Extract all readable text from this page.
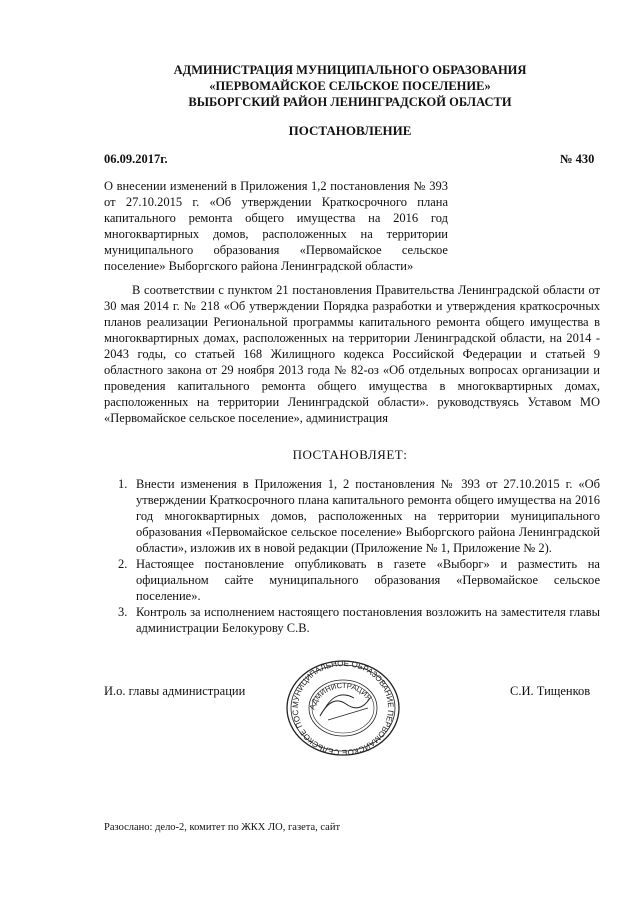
АДМИНИСТРАЦИЯ МУНИЦИПАЛЬНОГО ОБРАЗОВАНИЯ
«ПЕРВОМАЙСКОЕ СЕЛЬСКОЕ ПОСЕЛЕНИЕ»
ВЫБОРГСКИЙ РАЙОН ЛЕНИНГРАДСКОЙ ОБЛАСТИ
ПОСТАНОВЛЕНИЕ
06.09.2017г.	№ 430
О внесении изменений в Приложения 1,2 постановления № 393 от 27.10.2015 г. «Об утверждении Краткосрочного плана капитального ремонта общего имущества на 2016 год многоквартирных домов, расположенных на территории муниципального образования «Первомайское сельское поселение» Выборгского района Ленинградской области»
В соответствии с пунктом 21 постановления Правительства Ленинградской области от 30 мая 2014 г. № 218 «Об утверждении Порядка разработки и утверждения краткосрочных планов реализации Региональной программы капитального ремонта общего имущества в многоквартирных домах, расположенных на территории Ленинградской области, на 2014 - 2043 годы, со статьей 168 Жилищного кодекса Российской Федерации и статьей 9 областного закона от 29 ноября 2013 года № 82-оз «Об отдельных вопросах организации и проведения капитального ремонта общего имущества в многоквартирных домах, расположенных на территории Ленинградской области». руководствуясь Уставом МО «Первомайское сельское поселение», администрация
ПОСТАНОВЛЯЕТ:
1. Внести изменения в Приложения 1, 2 постановления № 393 от 27.10.2015 г. «Об утверждении Краткосрочного плана капитального ремонта общего имущества на 2016 год многоквартирных домов, расположенных на территории муниципального образования «Первомайское сельское поселение» Выборгского района Ленинградской области», изложив их в новой редакции (Приложение № 1, Приложение № 2).
2. Настоящее постановление опубликовать в газете «Выборг» и разместить на официальном сайте муниципального образования «Первомайское сельское поселение».
3. Контроль за исполнением настоящего постановления возложить на заместителя главы администрации Белокурову С.В.
И.о. главы администрации
МУНИЦИПАЛЬНОЕ ОБРАЗОВАНИЕ ПЕРВОМАЙСКОЕ СЕЛЬСКОЕ ПОС
АДМИНИСТРАЦИЯ	С.И. Тищенков
Разослано: дело-2, комитет по ЖКХ ЛО, газета, сайт
